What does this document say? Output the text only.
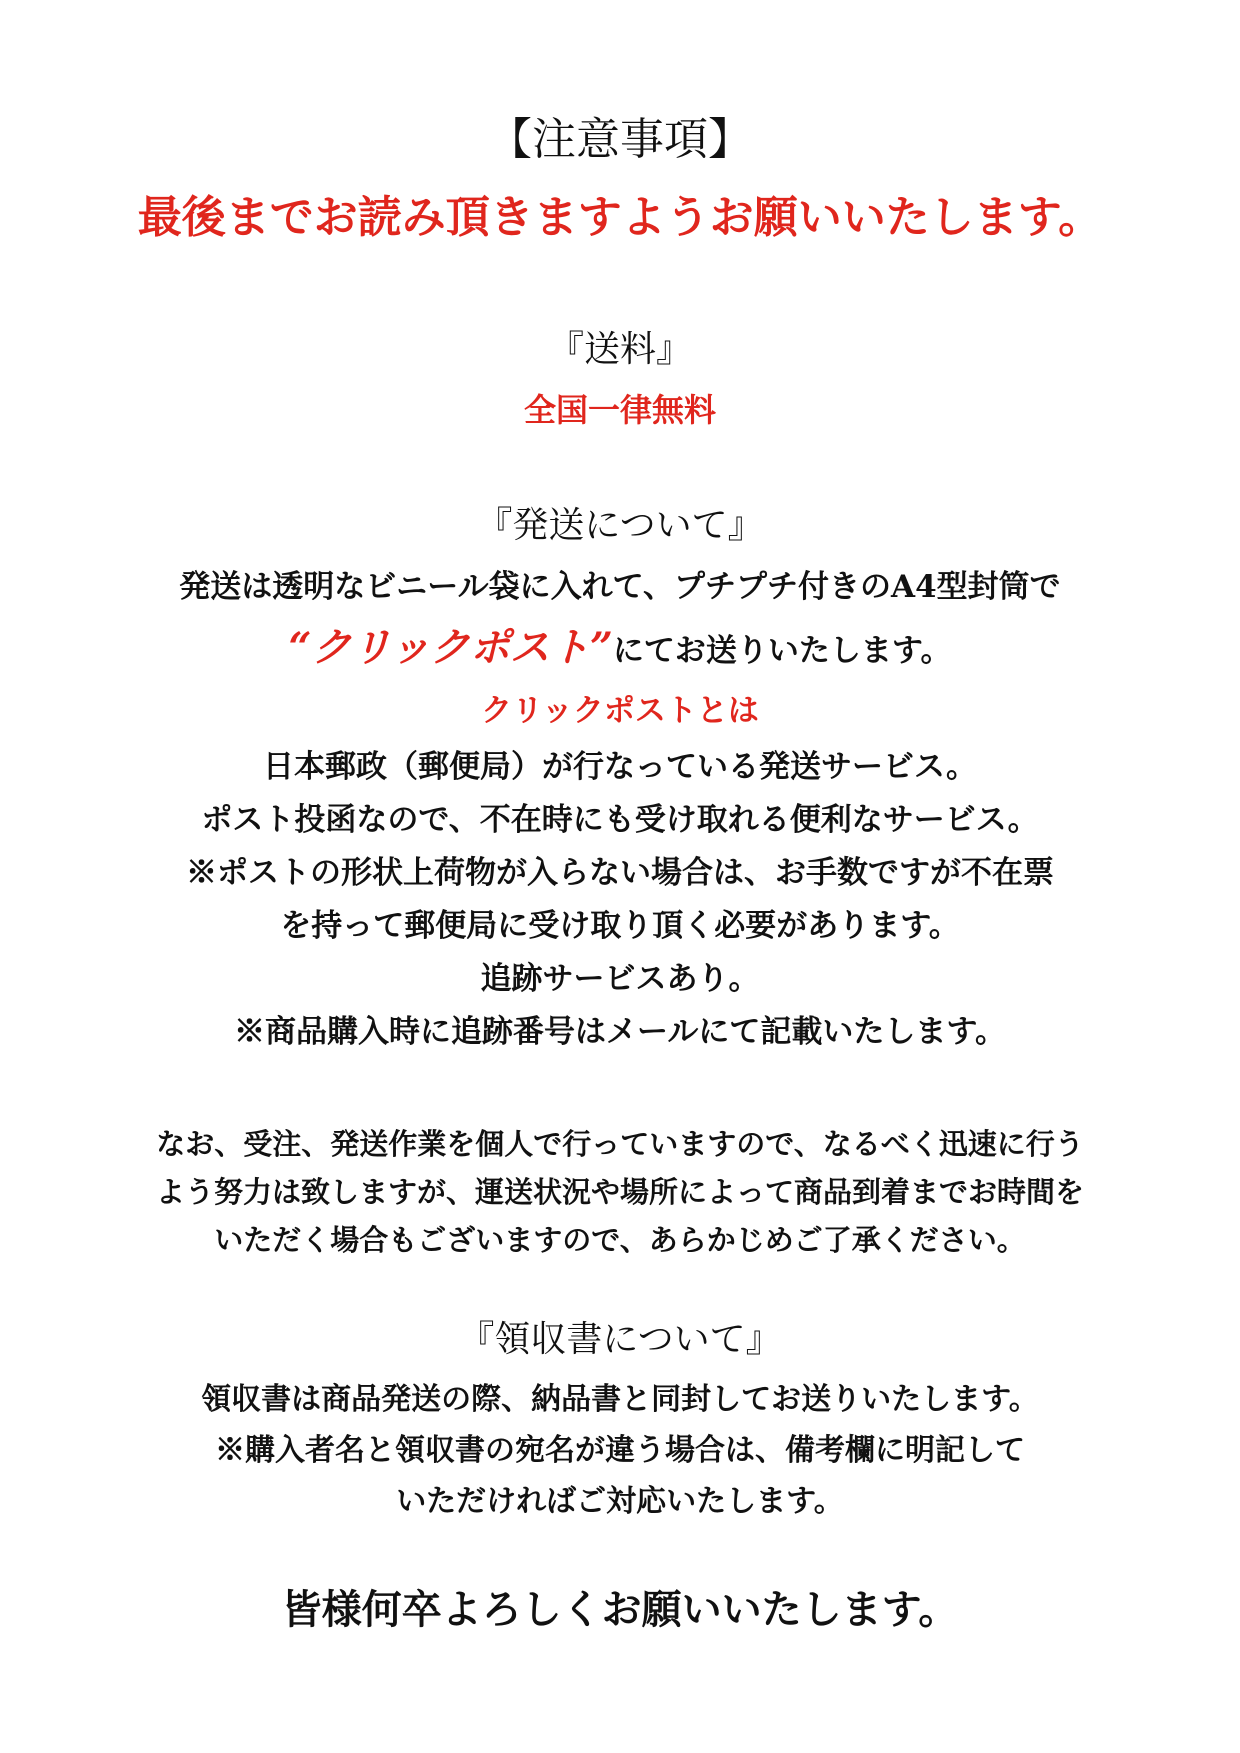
【注意事項】
最後までお読み頂きますようお願いいたします。
『送料』
全国一律無料
『発送について』
発送は透明なビニール袋に入れて、プチプチ付きのA4型封筒で
“クリックポスト”にてお送りいたします。
クリックポストとは
日本郵政（郵便局）が行なっている発送サービス。
ポスト投函なので、不在時にも受け取れる便利なサービス。
※ポストの形状上荷物が入らない場合は、お手数ですが不在票
を持って郵便局に受け取り頂く必要があります。
追跡サービスあり。
※商品購入時に追跡番号はメールにて記載いたします。
なお、受注、発送作業を個人で行っていますので、なるべく迅速に行う
よう努力は致しますが、運送状況や場所によって商品到着までお時間を
いただく場合もございますので、あらかじめご了承ください。
『領収書について』
領収書は商品発送の際、納品書と同封してお送りいたします。
※購入者名と領収書の宛名が違う場合は、備考欄に明記して
いただければご対応いたします。
皆様何卒よろしくお願いいたします。
